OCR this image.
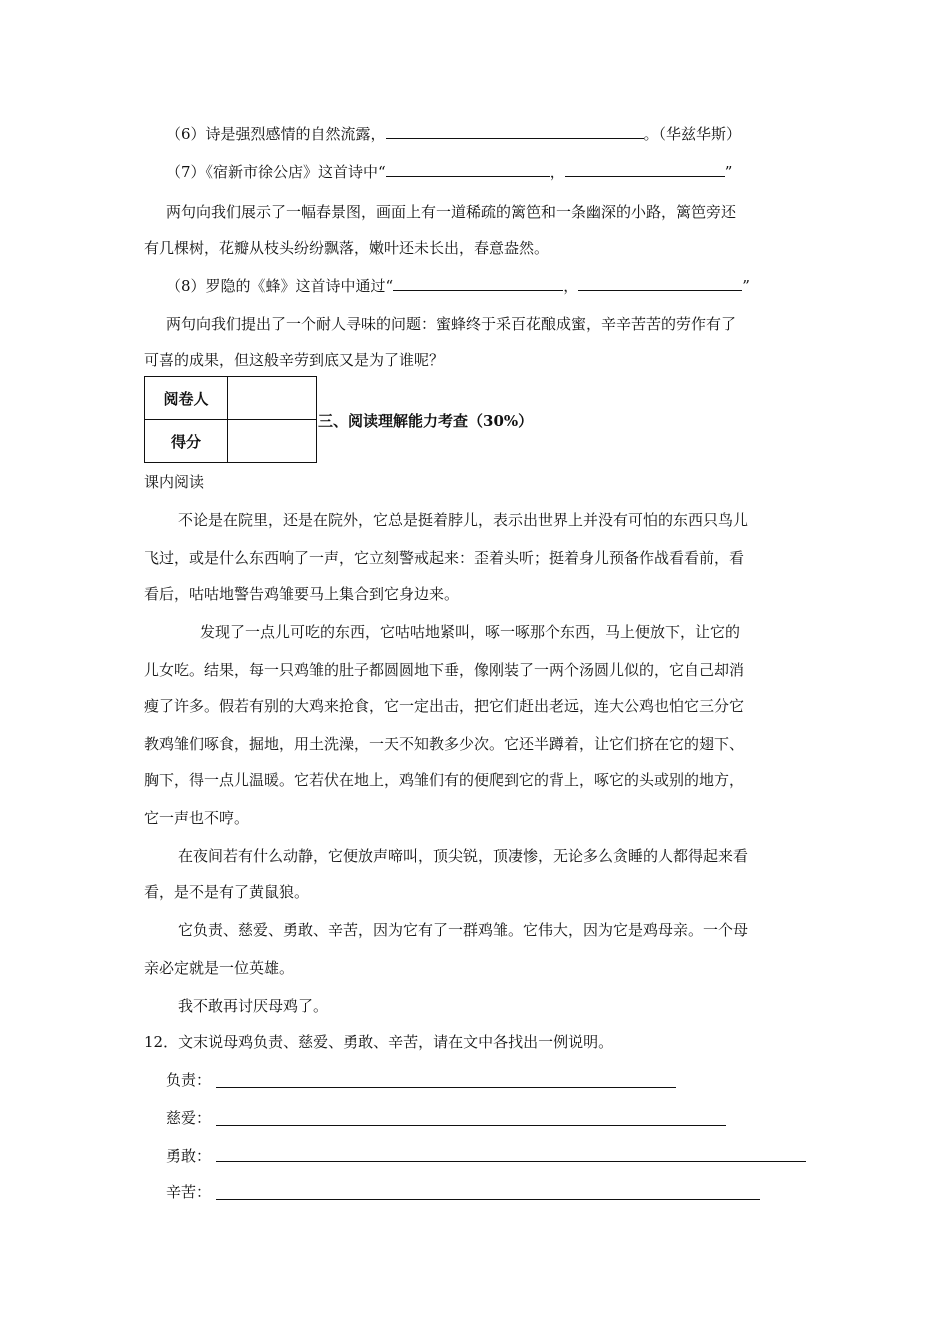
（6）诗是强烈感情的自然流露，	。（华兹华斯）
（7）《宿新市徐公店》这首诗中“	，	”
两句向我们展示了一幅春景图，画面上有一道稀疏的篱笆和一条幽深的小路，篱笆旁还
有几棵树，花瓣从枝头纷纷飘落，嫩叶还未长出，春意盎然。
（8）罗隐的《蜂》这首诗中通过“	，	”
两句向我们提出了一个耐人寻味的问题：蜜蜂终于采百花酿成蜜，辛辛苦苦的劳作有了
可喜的成果，但这般辛劳到底又是为了谁呢？
阅卷人	
得分	
三、阅读理解能力考查（30%）
课内阅读
不论是在院里，还是在院外，它总是挺着脖儿，表示出世界上并没有可怕的东西只鸟儿
飞过，或是什么东西响了一声，它立刻警戒起来：歪着头听；挺着身儿预备作战看看前，看
看后，咕咕地警告鸡雏要马上集合到它身边来。
发现了一点儿可吃的东西，它咕咕地紧叫，啄一啄那个东西，马上便放下，让它的
儿女吃。结果，每一只鸡雏的肚子都圆圆地下垂，像刚装了一两个汤圆儿似的，它自己却消
瘦了许多。假若有别的大鸡来抢食，它一定出击，把它们赶出老远，连大公鸡也怕它三分它
教鸡雏们啄食，掘地，用土洗澡，一天不知教多少次。它还半蹲着，让它们挤在它的翅下、
胸下，得一点儿温暖。它若伏在地上，鸡雏们有的便爬到它的背上，啄它的头或别的地方，
它一声也不哼。
在夜间若有什么动静，它便放声啼叫，顶尖锐，顶凄惨，无论多么贪睡的人都得起来看
看，是不是有了黄鼠狼。
它负责、慈爱、勇敢、辛苦，因为它有了一群鸡雏。它伟大，因为它是鸡母亲。一个母
亲必定就是一位英雄。
我不敢再讨厌母鸡了。
12．文末说母鸡负责、慈爱、勇敢、辛苦，请在文中各找出一例说明。
负责：
慈爱：
勇敢：
辛苦：
